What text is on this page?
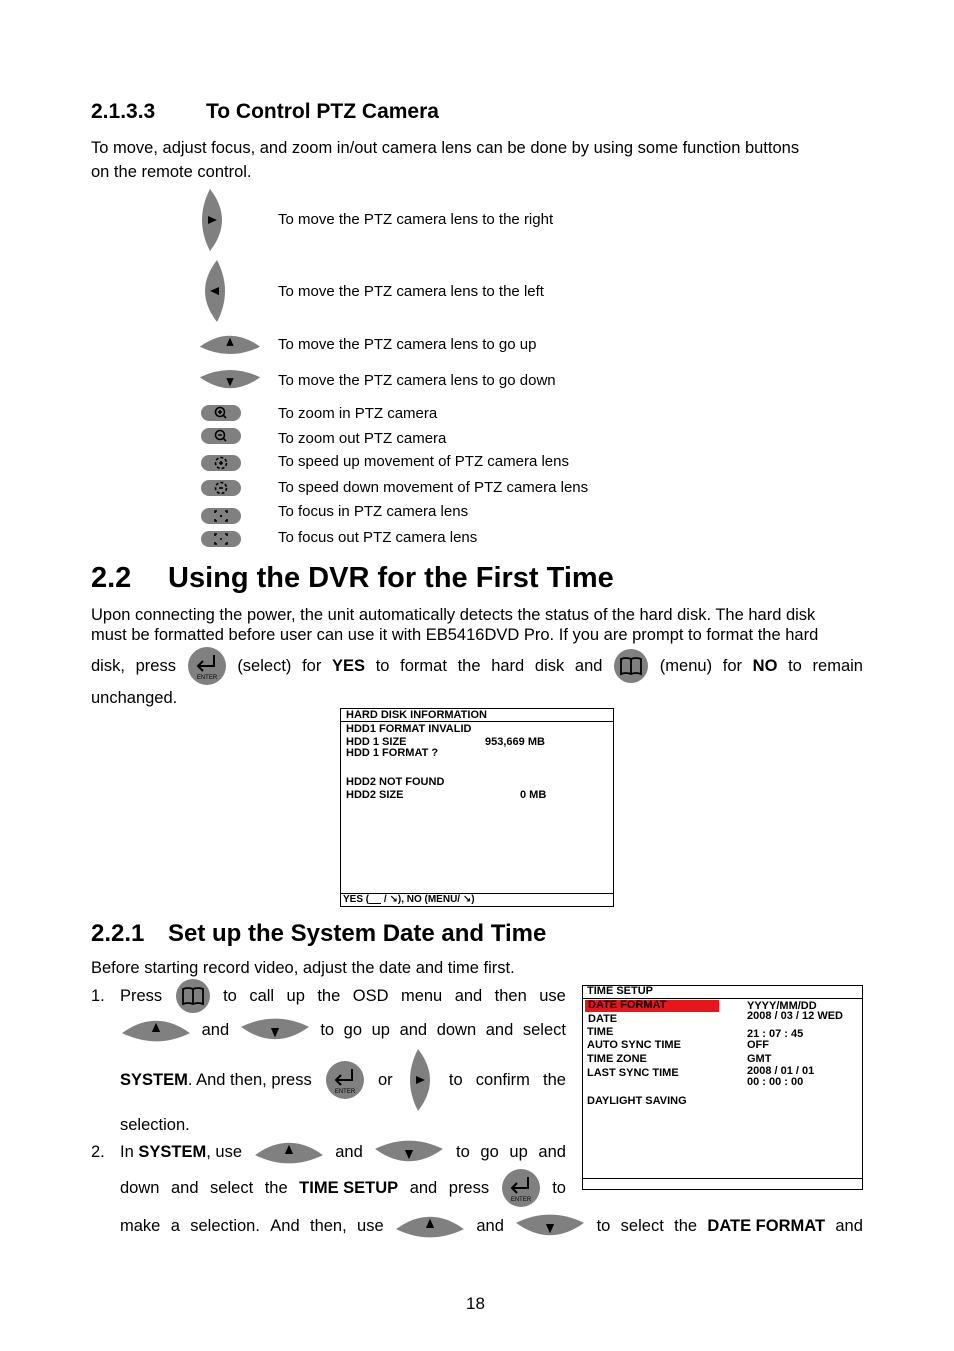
2.1.3.3 To Control PTZ Camera
To move, adjust focus, and zoom in/out camera lens can be done by using some function buttons
on the remote control.
To move the PTZ camera lens to the right
To move the PTZ camera lens to the left
To move the PTZ camera lens to go up
To move the PTZ camera lens to go down
To zoom in PTZ camera
To zoom out PTZ camera
To speed up movement of PTZ camera lens
To speed down movement of PTZ camera lens
To focus in PTZ camera lens
To focus out PTZ camera lens
2.2 Using the DVR for the First Time
Upon connecting the power, the unit automatically detects the status of the hard disk. The hard disk
must be formatted before user can use it with EB5416DVD Pro. If you are prompt to format the hard
disk, press	(select) for YES to format the hard disk and	(menu) for NO to remain
unchanged.
HARD DISK INFORMATION
HDD1 FORMAT INVALID
HDD 1 SIZE	953,669 MB
HDD 1 FORMAT ?
HDD2 NOT FOUND
HDD2 SIZE	0 MB
YES ( / ↘), NO (MENU/ ↘)
2.2.1 Set up the System Date and Time
Before starting record video, adjust the date and time first.
1. Press	to call up the OSD menu and then use
and	to go up and down and select
SYSTEM. And then, press	or	to confirm the
selection.
2. In SYSTEM, use	and	to go up and
down and select the TIME SETUP and press	to
make a selection. And then, use	and	to select the DATE FORMAT and
TIME SETUP
DATE FORMAT	YYYY/MM/DD
DATE	2008 / 03 / 12 WED
TIME	21 : 07 : 45
AUTO SYNC TIME	OFF
TIME ZONE	GMT
LAST SYNC TIME	2008 / 01 / 01
00 : 00 : 00
DAYLIGHT SAVING
18
